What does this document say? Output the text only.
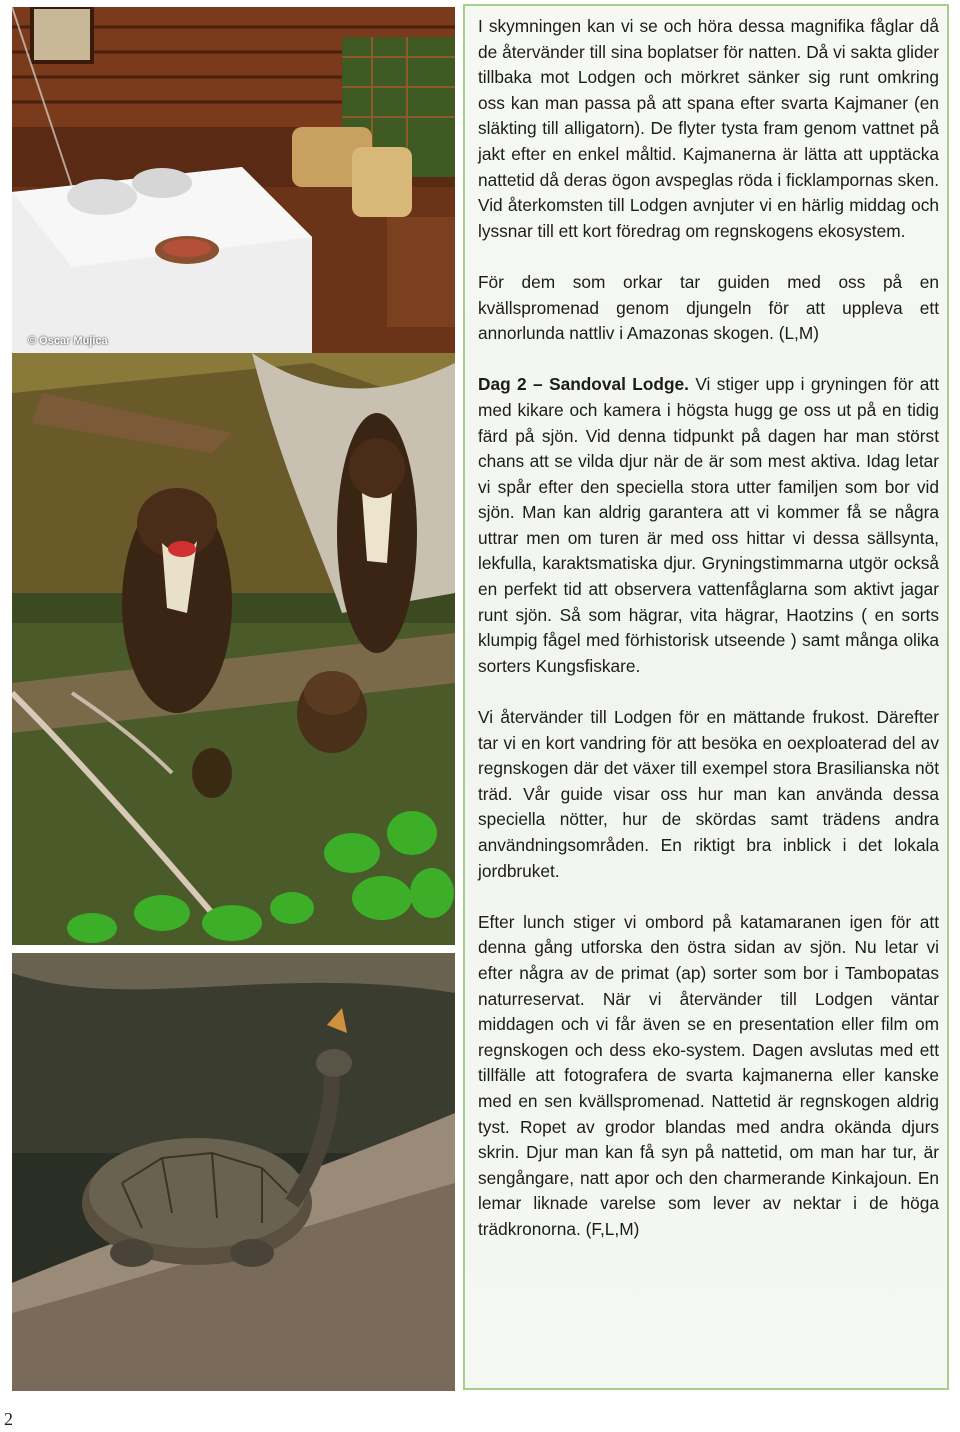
© Oscar Mujica

I skymningen kan vi se och höra dessa magnifika fåglar då de återvänder till sina boplatser för natten. Då vi sakta glider tillbaka mot Lodgen och mörkret sänker sig runt omkring oss kan man passa på att spana efter svarta Kajmaner (en släkting till alligatorn). De flyter tysta fram genom vattnet på jakt efter en enkel måltid. Kajmanerna är lätta att upptäcka nattetid då deras ögon avspeglas röda i ficklampornas sken. Vid återkomsten till Lodgen avnjuter vi en härlig middag och lyssnar till ett kort föredrag om regnskogens ekosystem.

För dem som orkar tar guiden med oss på en kvällspromenad genom djungeln för att uppleva ett annorlunda nattliv i Amazonas skogen. (L,M)

Dag 2 – Sandoval Lodge. Vi stiger upp i gryningen för att med kikare och kamera i högsta hugg ge oss ut på en tidig färd på sjön. Vid denna tidpunkt på dagen har man störst chans att se vilda djur när de är som mest aktiva. Idag letar vi spår efter den speciella stora utter familjen som bor vid sjön. Man kan aldrig garantera att vi kommer få se några uttrar men om turen är med oss hittar vi dessa sällsynta, lekfulla, karaktsmatiska djur. Gryningstimmarna utgör också en perfekt tid att observera vattenfåglarna som aktivt jagar runt sjön. Så som hägrar, vita hägrar, Haotzins ( en sorts klumpig fågel med förhistorisk utseende ) samt många olika sorters Kungsfiskare.

Vi återvänder till Lodgen för en mättande frukost. Därefter tar vi en kort vandring för att besöka en oexploaterad del av regnskogen där det växer till exempel stora Brasilianska nöt träd. Vår guide visar oss hur man kan använda dessa speciella nötter, hur de skördas samt trädens andra användningsområden. En riktigt bra inblick i det lokala jordbruket.

Efter lunch stiger vi ombord på katamaranen igen för att denna gång utforska den östra sidan av sjön. Nu letar vi efter några av de primat (ap) sorter som bor i Tambopatas naturreservat. När vi återvänder till Lodgen väntar middagen och vi får även se en presentation eller film om regnskogen och dess eko-system. Dagen avslutas med ett tillfälle att fotografera de svarta kajmanerna eller kanske med en sen kvällspromenad. Nattetid är regnskogen aldrig tyst. Ropet av grodor blandas med andra okända djurs skrin. Djur man kan få syn på nattetid, om man har tur, är sengångare, natt apor och den charmerande Kinkajoun. En lemar liknade varelse som lever av nektar i de höga trädkronorna. (F,L,M)

2
